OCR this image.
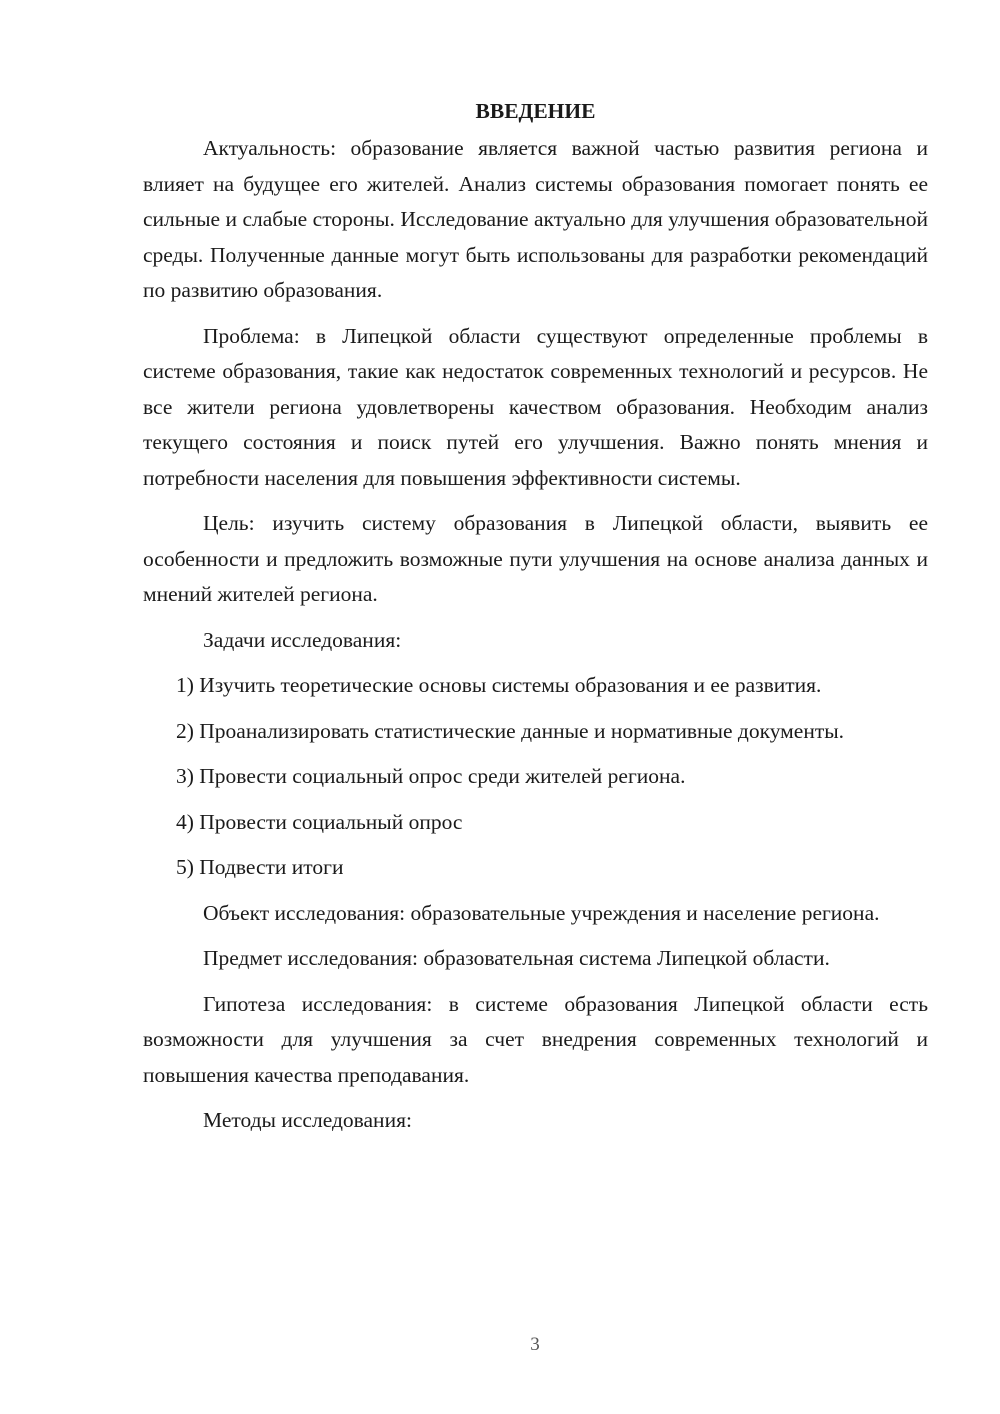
ВВЕДЕНИЕ

Актуальность: образование является важной частью развития региона и влияет на будущее его жителей. Анализ системы образования помогает понять ее сильные и слабые стороны. Исследование актуально для улучшения образовательной среды. Полученные данные могут быть использованы для разработки рекомендаций по развитию образования.

Проблема: в Липецкой области существуют определенные проблемы в системе образования, такие как недостаток современных технологий и ресурсов. Не все жители региона удовлетворены качеством образования. Необходим анализ текущего состояния и поиск путей его улучшения. Важно понять мнения и потребности населения для повышения эффективности системы.

Цель: изучить систему образования в Липецкой области, выявить ее особенности и предложить возможные пути улучшения на основе анализа данных и мнений жителей региона.

Задачи исследования:

1) Изучить теоретические основы системы образования и ее развития.

2) Проанализировать статистические данные и нормативные документы.

3) Провести социальный опрос среди жителей региона.

4) Провести социальный опрос

5) Подвести итоги

Объект исследования: образовательные учреждения и население региона.

Предмет исследования: образовательная система Липецкой области.

Гипотеза исследования: в системе образования Липецкой области есть возможности для улучшения за счет внедрения современных технологий и повышения качества преподавания.

Методы исследования:

3
